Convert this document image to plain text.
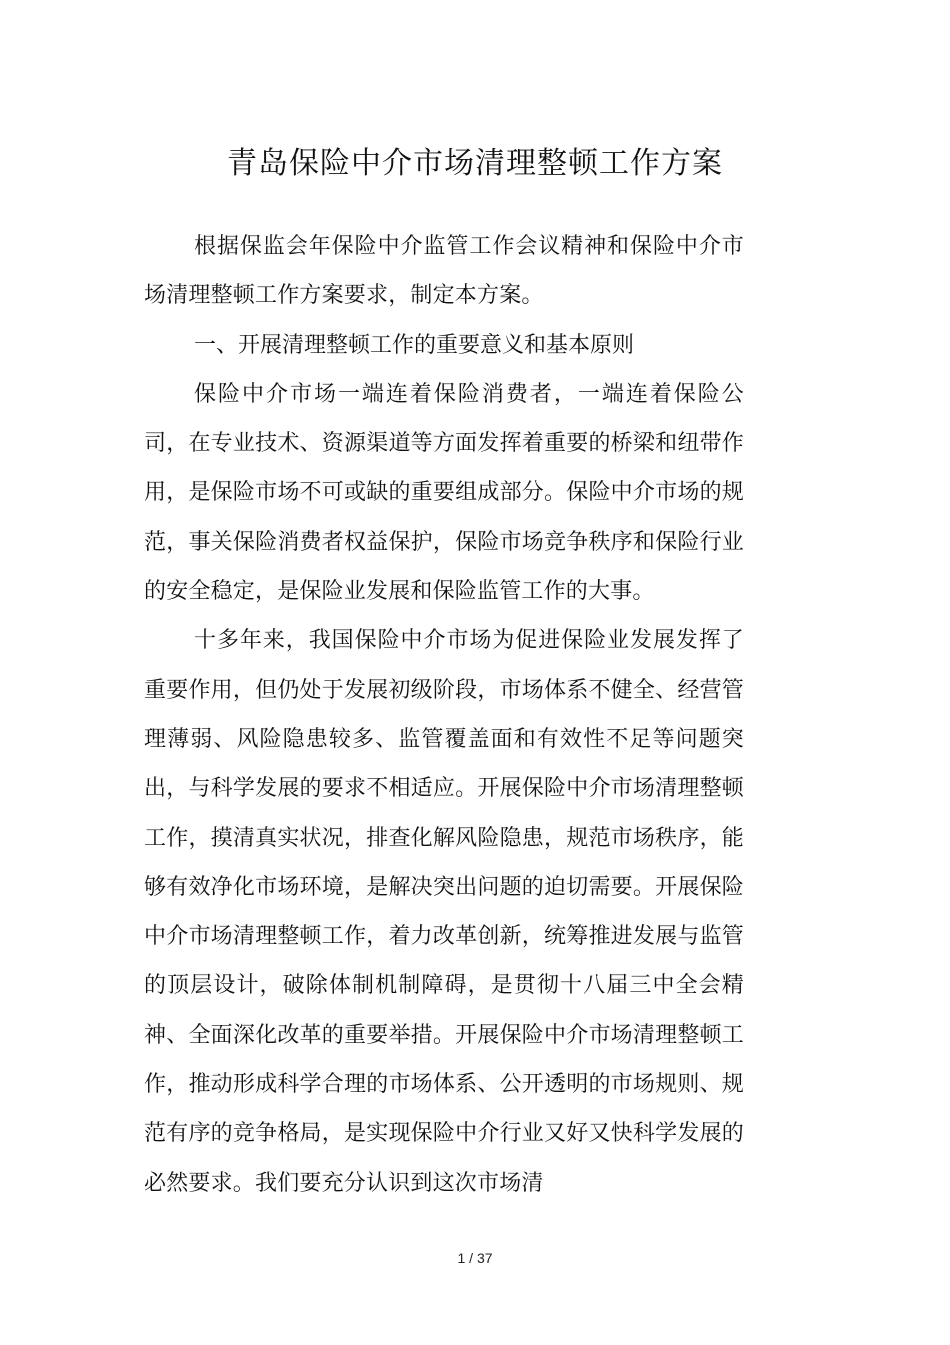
青岛保险中介市场清理整顿工作方案

根据保监会年保险中介监管工作会议精神和保险中介市场清理整顿工作方案要求，制定本方案。

一、开展清理整顿工作的重要意义和基本原则

保险中介市场一端连着保险消费者，一端连着保险公司，在专业技术、资源渠道等方面发挥着重要的桥梁和纽带作用，是保险市场不可或缺的重要组成部分。保险中介市场的规范，事关保险消费者权益保护，保险市场竞争秩序和保险行业的安全稳定，是保险业发展和保险监管工作的大事。

十多年来，我国保险中介市场为促进保险业发展发挥了重要作用，但仍处于发展初级阶段，市场体系不健全、经营管理薄弱、风险隐患较多、监管覆盖面和有效性不足等问题突出，与科学发展的要求不相适应。开展保险中介市场清理整顿工作，摸清真实状况，排查化解风险隐患，规范市场秩序，能够有效净化市场环境，是解决突出问题的迫切需要。开展保险中介市场清理整顿工作，着力改革创新，统筹推进发展与监管的顶层设计，破除体制机制障碍，是贯彻十八届三中全会精神、全面深化改革的重要举措。开展保险中介市场清理整顿工作，推动形成科学合理的市场体系、公开透明的市场规则、规范有序的竞争格局，是实现保险中介行业又好又快科学发展的必然要求。我们要充分认识到这次市场清

1 / 37
